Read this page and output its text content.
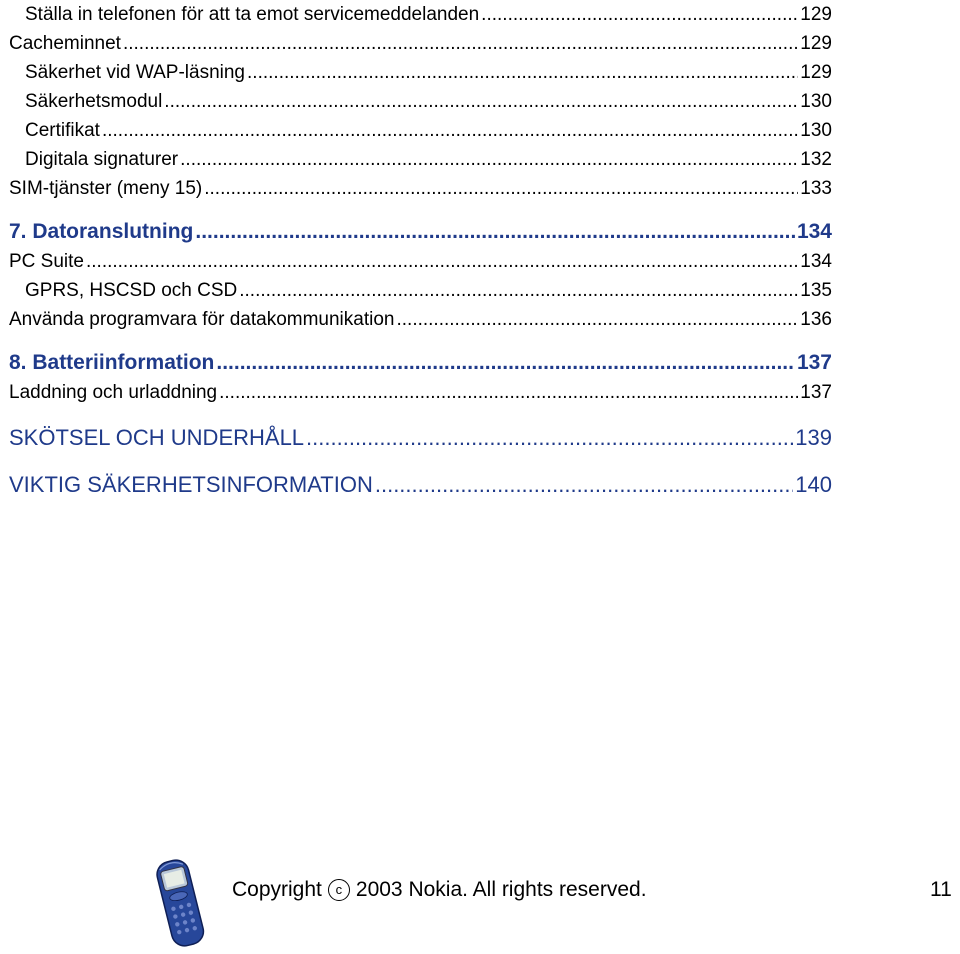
Ställa in telefonen för att ta emot servicemeddelanden .....	129
Cacheminnet .....	129
Säkerhet vid WAP-läsning .....	129
Säkerhetsmodul .....	130
Certifikat .....	130
Digitala signaturer .....	132
SIM-tjänster (meny 15) .....	133
7. Datoranslutning .....	134
PC Suite .....	134
GPRS, HSCSD och CSD .....	135
Använda programvara för datakommunikation .....	136
8. Batteriinformation .....	137
Laddning och urladdning .....	137
SKÖTSEL OCH UNDERHÅLL .....	139
VIKTIG SÄKERHETSINFORMATION .....	140
Copyright c 2003 Nokia. All rights reserved.	11
